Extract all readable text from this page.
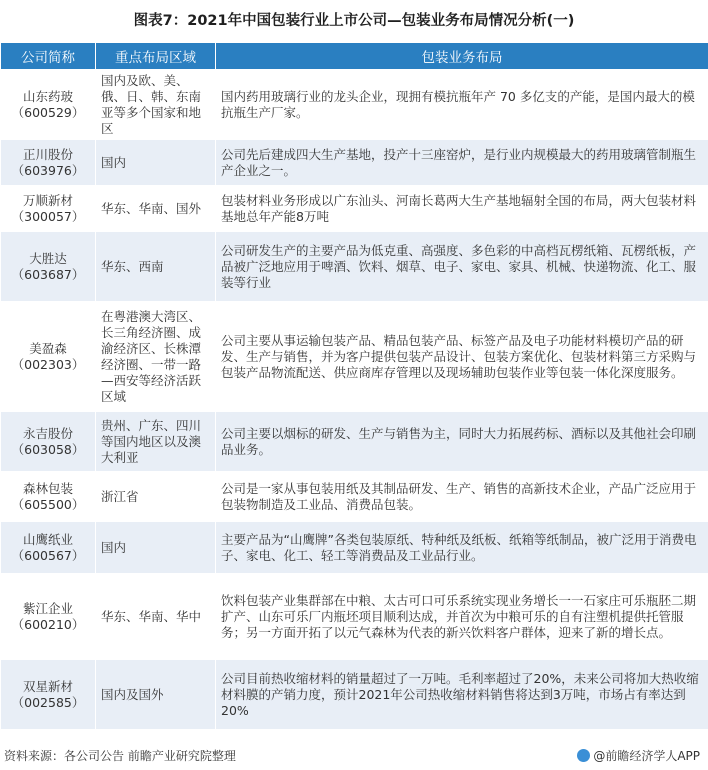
图表7：2021年中国包装行业上市公司—包装业务布局情况分析(一)
公司简称	重点布局区域	包装业务布局
山东药玻
（600529）	国内及欧、美、俄、日、韩、东南亚等多个国家和地区	国内药用玻璃行业的龙头企业，现拥有模抗瓶年产 70 多亿支的产能，是国内最大的模抗瓶生产厂家。
正川股份
（603976）	国内	公司先后建成四大生产基地，投产十三座窑炉，是行业内规模最大的药用玻璃管制瓶生产企业之一。
万顺新材
（300057）	华东、华南、国外	包装材料业务形成以广东汕头、河南长葛两大生产基地辐射全国的布局，两大包装材料基地总年产能8万吨
大胜达
（603687）	华东、西南	公司研发生产的主要产品为低克重、高强度、多色彩的中高档瓦楞纸箱、瓦楞纸板，产品被广泛地应用于啤酒、饮料、烟草、电子、家电、家具、机械、快递物流、化工、服装等行业
美盈森
（002303）	在粤港澳大湾区、长三角经济圈、成渝经济区、长株潭经济圈、一带一路—西安等经济活跃区域	公司主要从事运输包装产品、精品包装产品、标签产品及电子功能材料模切产品的研发、生产与销售，并为客户提供包装产品设计、包装方案优化、包装材料第三方采购与包装产品物流配送、供应商库存管理以及现场辅助包装作业等包装一体化深度服务。
永吉股份
（603058）	贵州、广东、四川等国内地区以及澳大利亚	公司主要以烟标的研发、生产与销售为主，同时大力拓展药标、酒标以及其他社会印刷品业务。
森林包装
（605500）	浙江省	公司是一家从事包装用纸及其制品研发、生产、销售的高新技术企业，产品广泛应用于包装物制造及工业品、消费品包装。
山鹰纸业
（600567）	国内	主要产品为“山鹰牌”各类包装原纸、特种纸及纸板、纸箱等纸制品，被广泛用于消费电子、家电、化工、轻工等消费品及工业品行业。
紫江企业
（600210）	华东、华南、华中	饮料包装产业集群部在中粮、太古可口可乐系统实现业务增长一一石家庄可乐瓶胚二期扩产、山东可乐厂内瓶坯项目顺利达成，并首次为中粮可乐的自有注塑机提供托管服务；另一方面开拓了以元气森林为代表的新兴饮料客户群体，迎来了新的增长点。
双星新材
（002585）	国内及国外	公司目前热收缩材料的销量超过了一万吨。毛利率超过了20%，未来公司将加大热收缩材料膜的产销力度，预计2021年公司热收缩材料销售将达到3万吨，市场占有率达到20%
资料来源：各公司公告 前瞻产业研究院整理	@前瞻经济学人APP
